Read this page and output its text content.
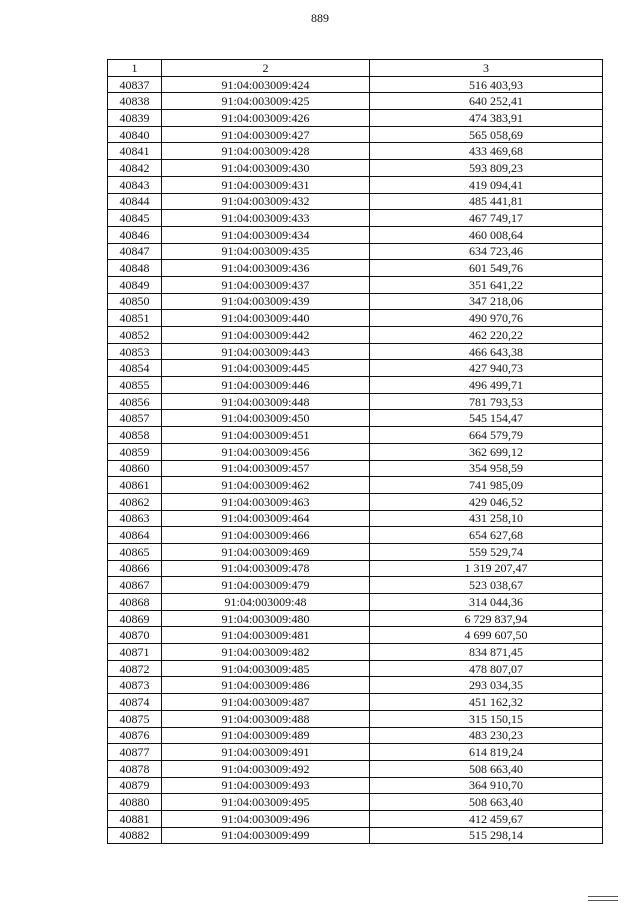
889
1	2	3
40837	91:04:003009:424	516 403,93
40838	91:04:003009:425	640 252,41
40839	91:04:003009:426	474 383,91
40840	91:04:003009:427	565 058,69
40841	91:04:003009:428	433 469,68
40842	91:04:003009:430	593 809,23
40843	91:04:003009:431	419 094,41
40844	91:04:003009:432	485 441,81
40845	91:04:003009:433	467 749,17
40846	91:04:003009:434	460 008,64
40847	91:04:003009:435	634 723,46
40848	91:04:003009:436	601 549,76
40849	91:04:003009:437	351 641,22
40850	91:04:003009:439	347 218,06
40851	91:04:003009:440	490 970,76
40852	91:04:003009:442	462 220,22
40853	91:04:003009:443	466 643,38
40854	91:04:003009:445	427 940,73
40855	91:04:003009:446	496 499,71
40856	91:04:003009:448	781 793,53
40857	91:04:003009:450	545 154,47
40858	91:04:003009:451	664 579,79
40859	91:04:003009:456	362 699,12
40860	91:04:003009:457	354 958,59
40861	91:04:003009:462	741 985,09
40862	91:04:003009:463	429 046,52
40863	91:04:003009:464	431 258,10
40864	91:04:003009:466	654 627,68
40865	91:04:003009:469	559 529,74
40866	91:04:003009:478	1 319 207,47
40867	91:04:003009:479	523 038,67
40868	91:04:003009:48	314 044,36
40869	91:04:003009:480	6 729 837,94
40870	91:04:003009:481	4 699 607,50
40871	91:04:003009:482	834 871,45
40872	91:04:003009:485	478 807,07
40873	91:04:003009:486	293 034,35
40874	91:04:003009:487	451 162,32
40875	91:04:003009:488	315 150,15
40876	91:04:003009:489	483 230,23
40877	91:04:003009:491	614 819,24
40878	91:04:003009:492	508 663,40
40879	91:04:003009:493	364 910,70
40880	91:04:003009:495	508 663,40
40881	91:04:003009:496	412 459,67
40882	91:04:003009:499	515 298,14
